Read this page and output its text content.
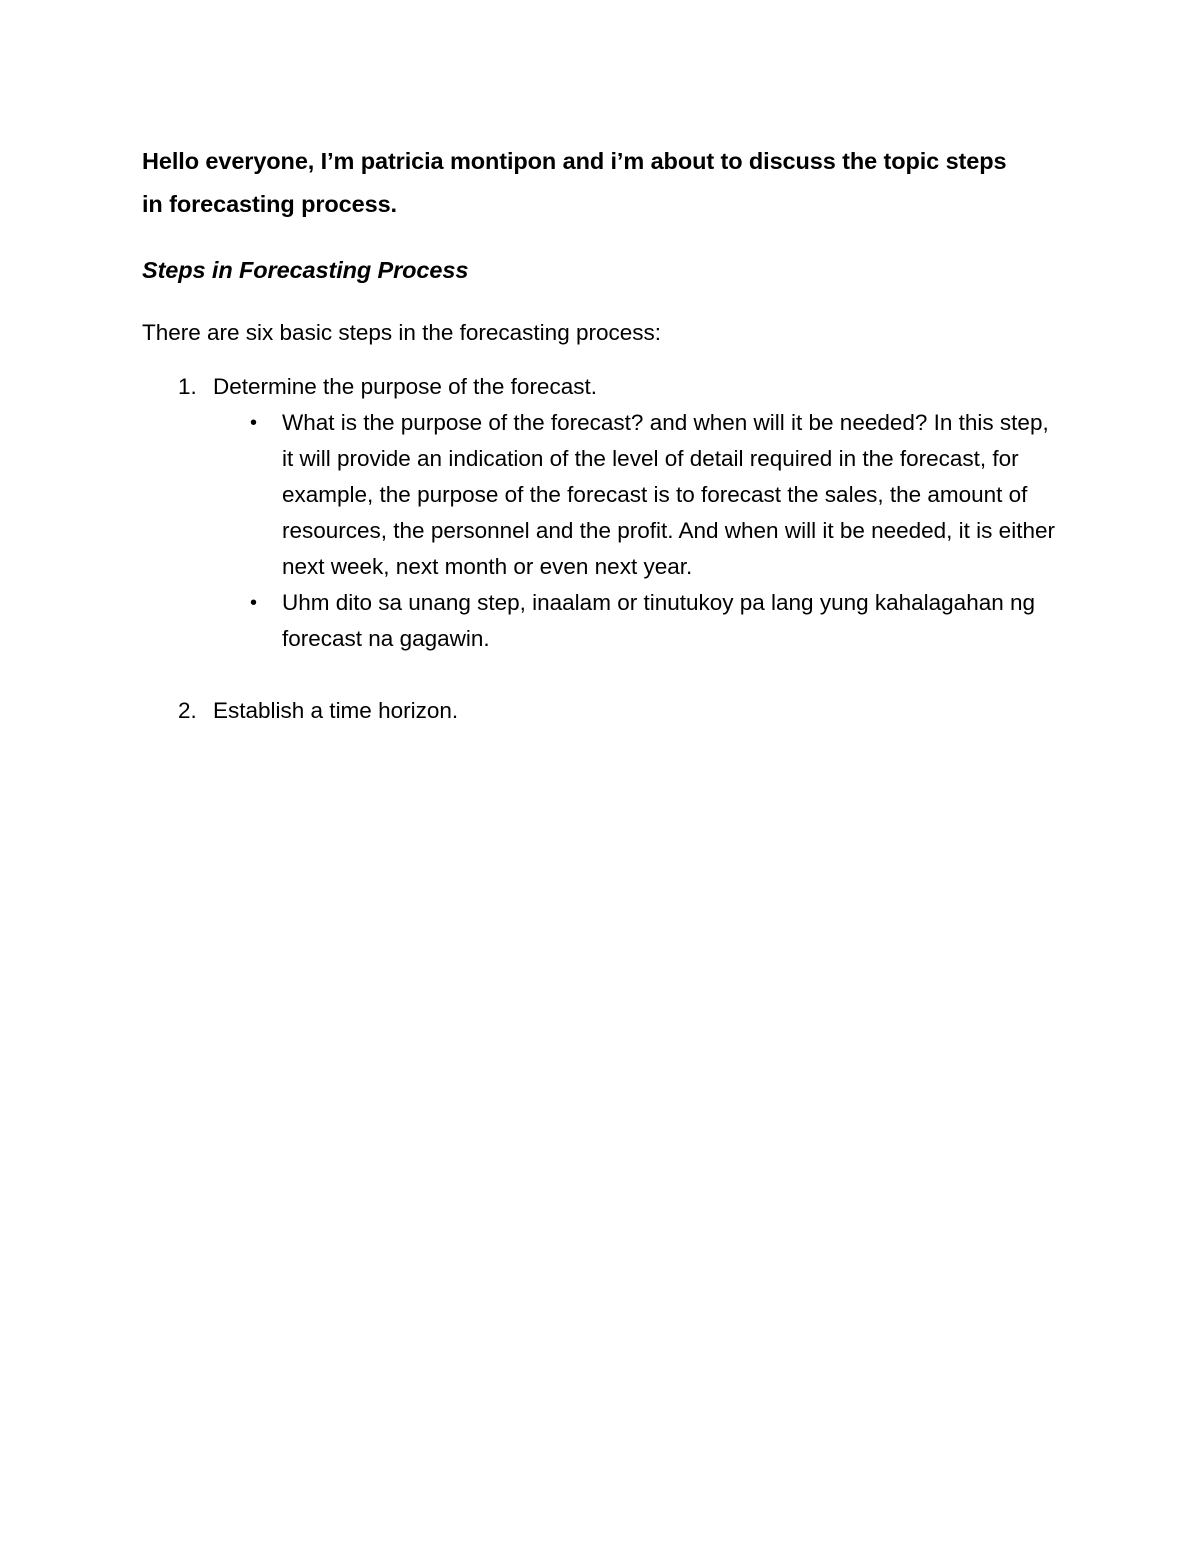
Hello everyone, I’m patricia montipon and i’m about to discuss the topic steps in forecasting process.

Steps in Forecasting Process

There are six basic steps in the forecasting process:

1. Determine the purpose of the forecast.
• What is the purpose of the forecast? and when will it be needed? In this step, it will provide an indication of the level of detail required in the forecast, for example, the purpose of the forecast is to forecast the sales, the amount of resources, the personnel and the profit. And when will it be needed, it is either next week, next month or even next year.
• Uhm dito sa unang step, inaalam or tinutukoy pa lang yung kahalagahan ng forecast na gagawin.
2. Establish a time horizon.
